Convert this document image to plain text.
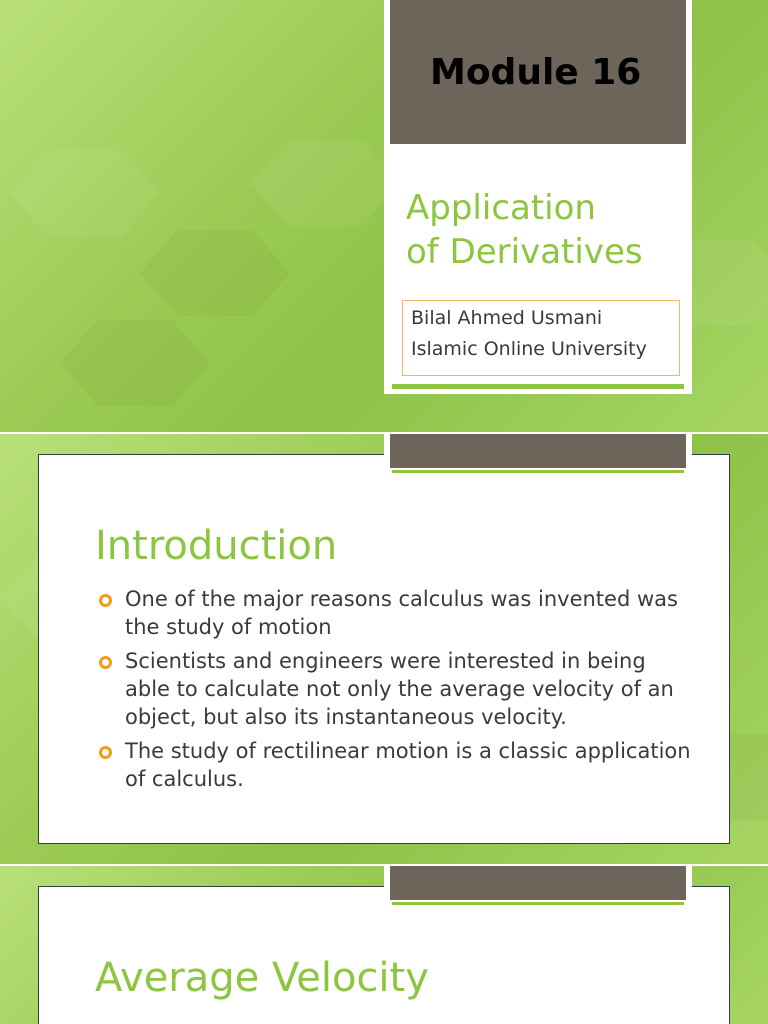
Module 16
Application
of Derivatives
Bilal Ahmed Usmani
Islamic Online University
Introduction
One of the major reasons calculus was invented was the study of motion
Scientists and engineers were interested in being able to calculate not only the average velocity of an object, but also its instantaneous velocity.
The study of rectilinear motion is a classic application of calculus.
Average Velocity
